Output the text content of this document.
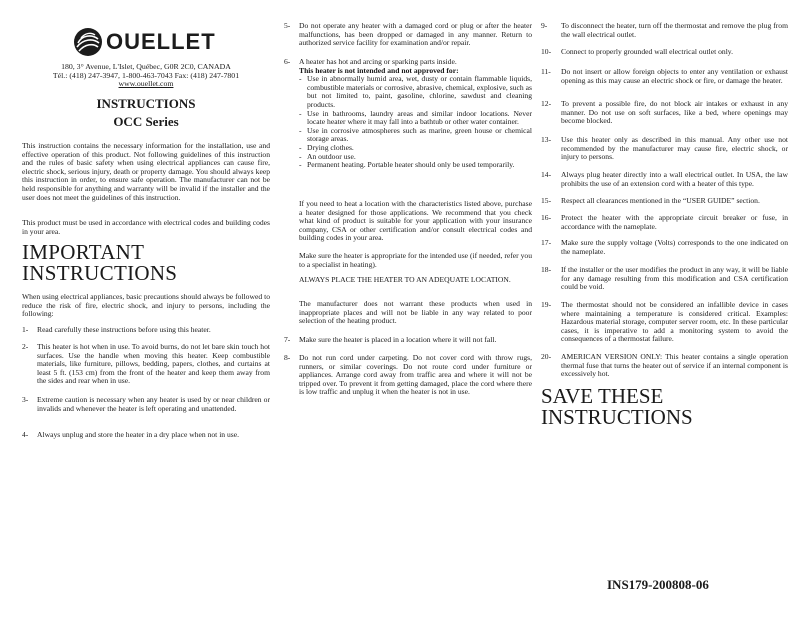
OUELLET
180, 3° Avenue, L'Islet, Québec, G0R 2C0, CANADA
Tél.: (418) 247-3947, 1-800-463-7043 Fax: (418) 247-7801
www.ouellet.com
INSTRUCTIONS
OCC Series

This instruction contains the necessary information for the installation, use and effective operation of this product. Not following guidelines of this instruction and the rules of basic safety when using electrical appliances can cause fire, electric shock, serious injury, death or property damage. You should always keep this instruction in order, to ensure safe operation. The manufacturer can not be held responsible for anything and warranty will be invalid if the installer and the user does not meet the guidelines of this instruction.

This product must be used in accordance with electrical codes and building codes in your area.

IMPORTANT
INSTRUCTIONS

When using electrical appliances, basic precautions should always be followed to reduce the risk of fire, electric shock, and injury to persons, including the following:

1-	Read carefully these instructions before using this heater.
2-	This heater is hot when in use. To avoid burns, do not let bare skin touch hot surfaces. Use the handle when moving this heater. Keep combustible materials, like furniture, pillows, bedding, papers, clothes, and curtains at least 5 ft. (153 cm) from the front of the heater and keep them away from the sides and rear when in use.
3-	Extreme caution is necessary when any heater is used by or near children or invalids and whenever the heater is left operating and unattended.
4-	Always unplug and store the heater in a dry place when not in use.
5-	Do not operate any heater with a damaged cord or plug or after the heater malfunctions, has been dropped or damaged in any manner. Return to authorized service facility for examination and/or repair.
6-	A heater has hot and arcing or sparking parts inside.
This heater is not intended and not approved for:
- Use in abnormally humid area, wet, dusty or contain flammable liquids, combustible materials or corrosive, abrasive, chemical, explosive, such as but not limited to, paint, gasoline, chlorine, sawdust and cleaning products.
- Use in bathrooms, laundry areas and similar indoor locations. Never locate heater where it may fall into a bathtub or other water container.
- Use in corrosive atmospheres such as marine, green house or chemical storage areas.
- Drying clothes.
- An outdoor use.
- Permanent heating. Portable heater should only be used temporarily.

If you need to heat a location with the characteristics listed above, purchase a heater designed for those applications. We recommend that you check what kind of product is suitable for your application with your insurance company, CSA or other certification and/or consult electrical codes and building codes in your area.

Make sure the heater is appropriate for the intended use (if needed, refer you to a specialist in heating).

ALWAYS PLACE THE HEATER TO AN ADEQUATE LOCATION.

The manufacturer does not warrant these products when used in inappropriate places and will not be liable in any way related to poor selection of the heating product.

7-	Make sure the heater is placed in a location where it will not fall.
8-	Do not run cord under carpeting. Do not cover cord with throw rugs, runners, or similar coverings. Do not route cord under furniture or appliances. Arrange cord away from traffic area and where it will not be tripped over. To prevent it from getting damaged, place the cord where there is low traffic and unplug it when the heater is not in use.
9-	To disconnect the heater, turn off the thermostat and remove the plug from the wall electrical outlet.
10-	Connect to properly grounded wall electrical outlet only.
11-	Do not insert or allow foreign objects to enter any ventilation or exhaust opening as this may cause an electric shock or fire, or damage the heater.
12-	To prevent a possible fire, do not block air intakes or exhaust in any manner. Do not use on soft surfaces, like a bed, where openings may become blocked.
13-	Use this heater only as described in this manual. Any other use not recommended by the manufacturer may cause fire, electric shock, or injury to persons.
14-	Always plug heater directly into a wall electrical outlet. In USA, the law prohibits the use of an extension cord with a heater of this type.
15-	Respect all clearances mentioned in the “USER GUIDE” section.
16-	Protect the heater with the appropriate circuit breaker or fuse, in accordance with the nameplate.
17-	Make sure the supply voltage (Volts) corresponds to the one indicated on the nameplate.
18-	If the installer or the user modifies the product in any way, it will be liable for any damage resulting from this modification and CSA certification could be void.
19-	The thermostat should not be considered an infallible device in cases where maintaining a temperature is considered critical. Examples: Hazardous material storage, computer server room, etc. In these particular cases, it is imperative to add a monitoring system to avoid the consequences of a thermostat failure.
20-	AMERICAN VERSION ONLY: This heater contains a single operation thermal fuse that turns the heater out of service if an internal component is excessively hot.
SAVE THESE
INSTRUCTIONS
INS179-200808-06
